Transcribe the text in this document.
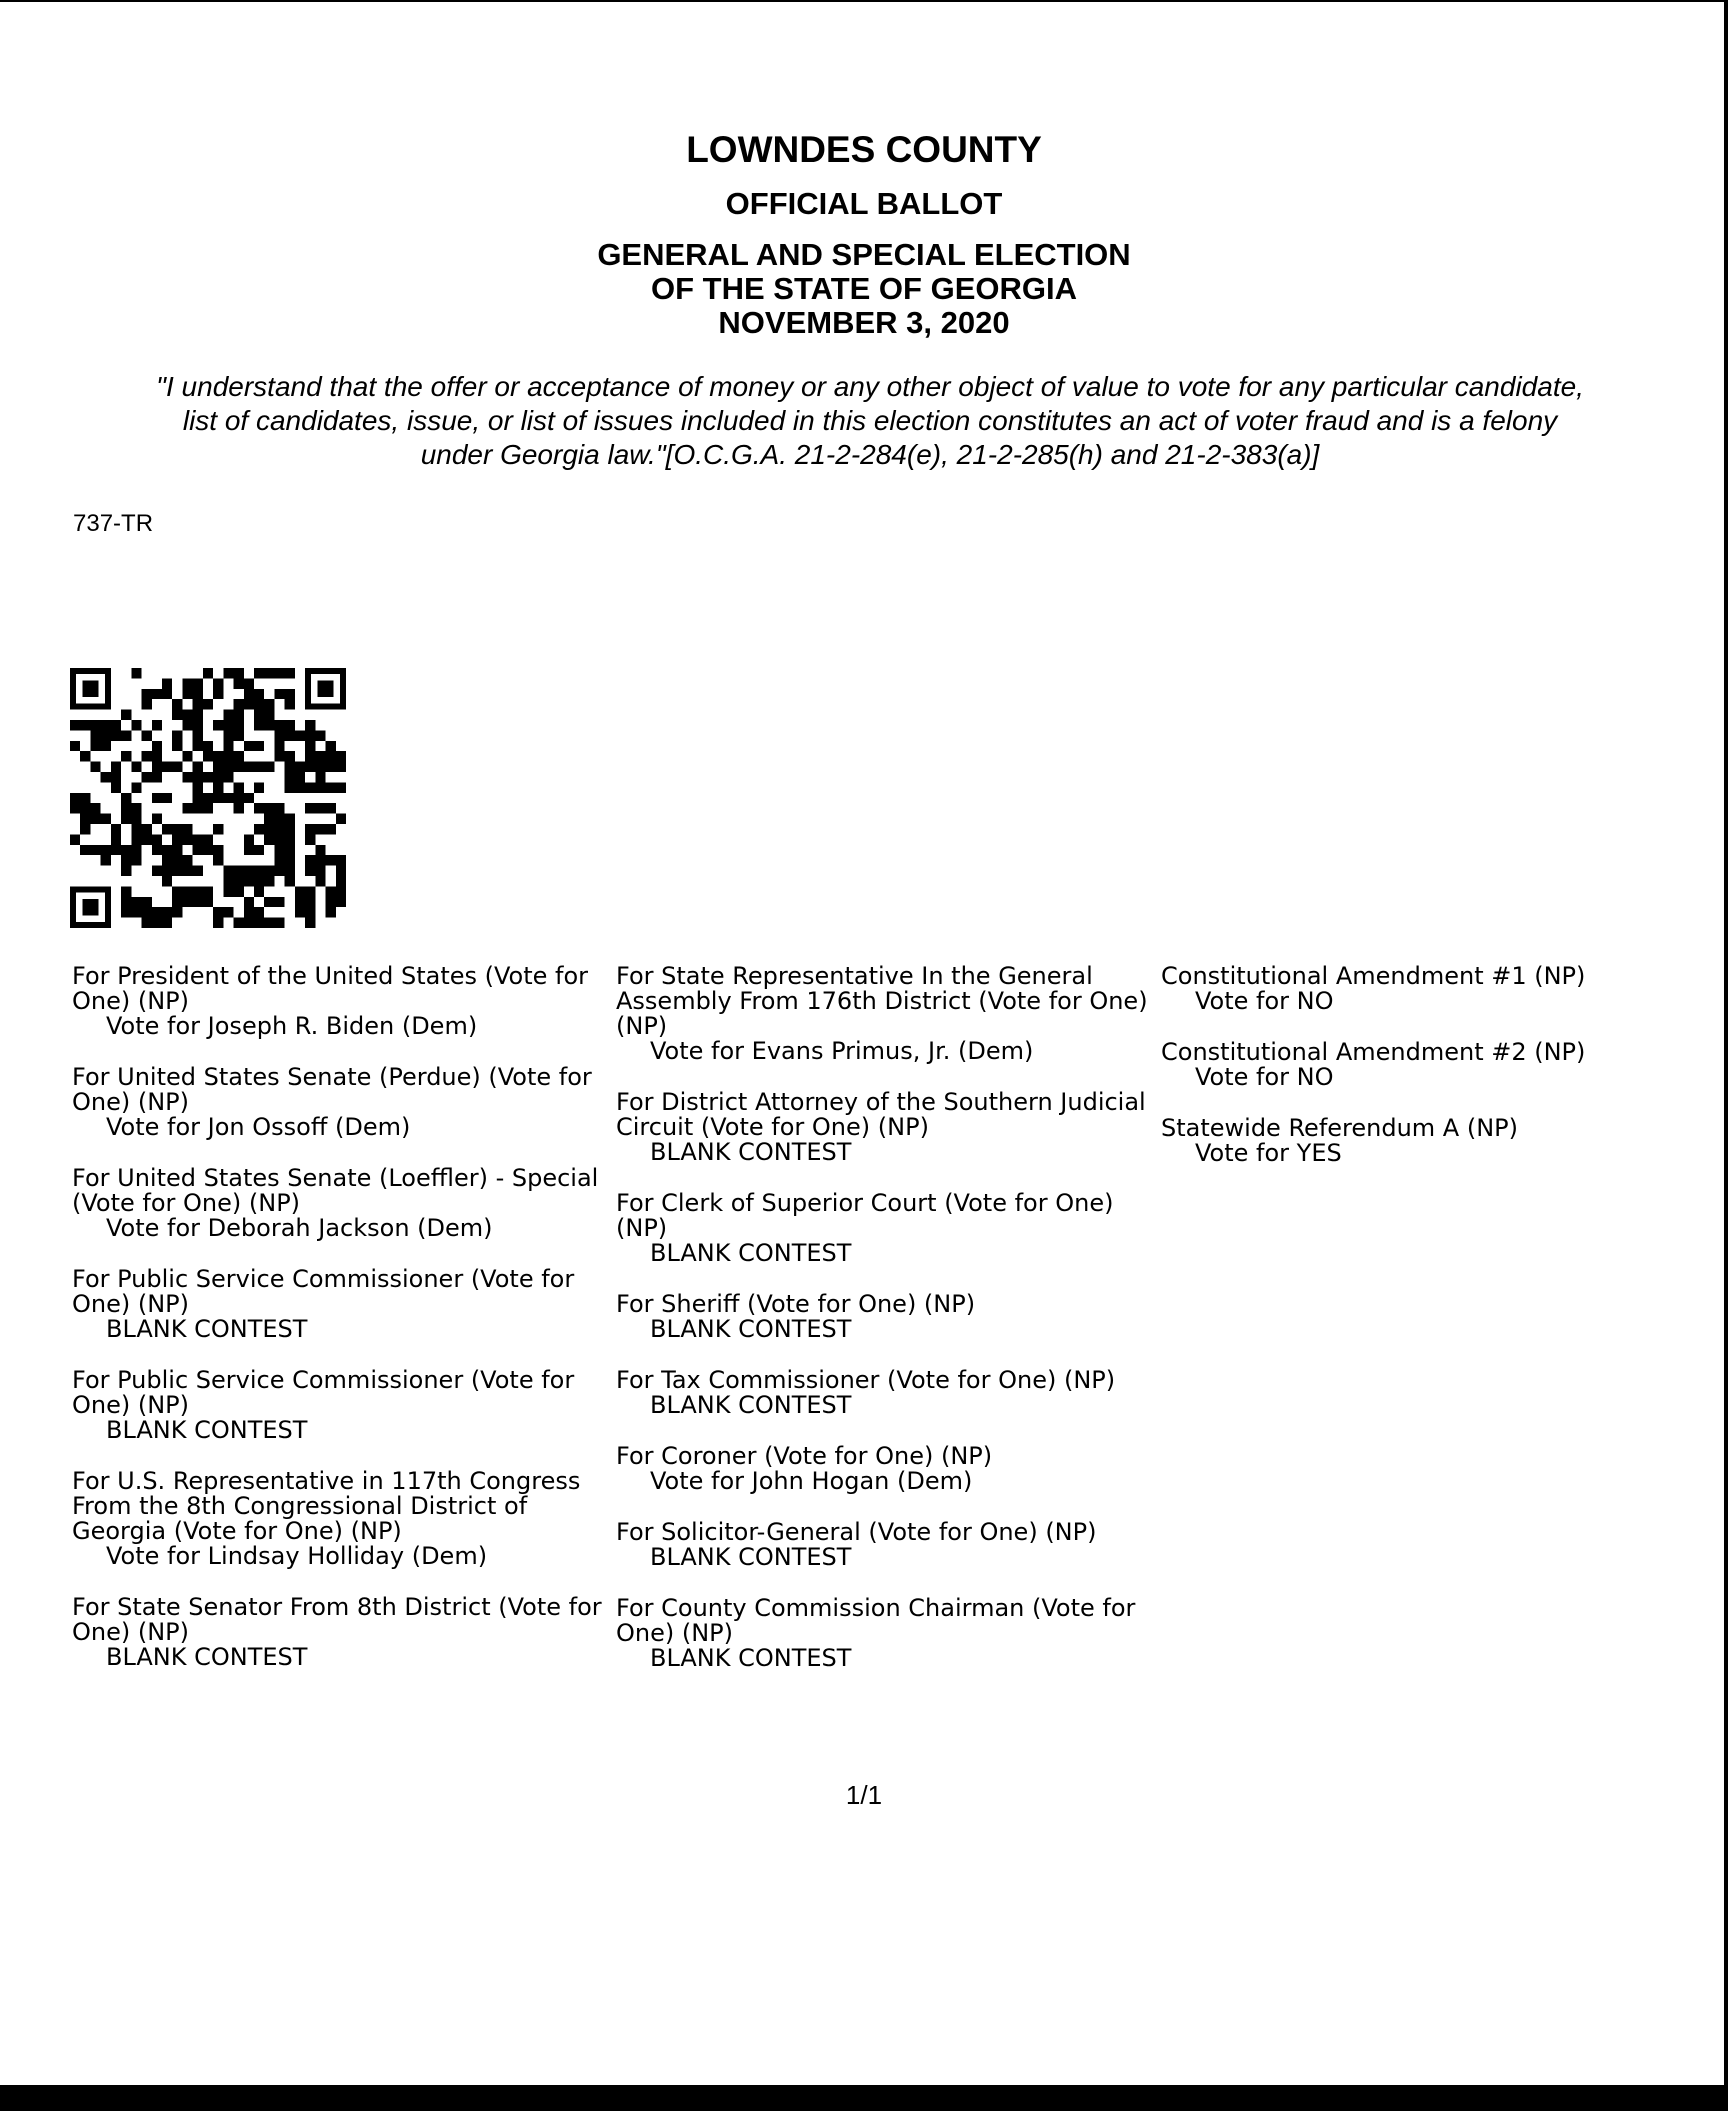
LOWNDES COUNTY
OFFICIAL BALLOT
GENERAL AND SPECIAL ELECTION
OF THE STATE OF GEORGIA
NOVEMBER 3, 2020
"I understand that the offer or acceptance of money or any other object of value to vote for any particular candidate,
list of candidates, issue, or list of issues included in this election constitutes an act of voter fraud and is a felony
under Georgia law."[O.C.G.A. 21-2-284(e), 21-2-285(h) and 21-2-383(a)]
737-TR
For President of the United States (Vote for One) (NP)
Vote for Joseph R. Biden (Dem)
For United States Senate (Perdue) (Vote for One) (NP)
Vote for Jon Ossoff (Dem)
For United States Senate (Loeffler) - Special (Vote for One) (NP)
Vote for Deborah Jackson (Dem)
For Public Service Commissioner (Vote for One) (NP)
BLANK CONTEST
For Public Service Commissioner (Vote for One) (NP)
BLANK CONTEST
For U.S. Representative in 117th Congress From the 8th Congressional District of Georgia (Vote for One) (NP)
Vote for Lindsay Holliday (Dem)
For State Senator From 8th District (Vote for One) (NP)
BLANK CONTEST
For State Representative In the General Assembly From 176th District (Vote for One) (NP)
Vote for Evans Primus, Jr. (Dem)
For District Attorney of the Southern Judicial Circuit (Vote for One) (NP)
BLANK CONTEST
For Clerk of Superior Court (Vote for One) (NP)
BLANK CONTEST
For Sheriff (Vote for One) (NP)
BLANK CONTEST
For Tax Commissioner (Vote for One) (NP)
BLANK CONTEST
For Coroner (Vote for One) (NP)
Vote for John Hogan (Dem)
For Solicitor-General (Vote for One) (NP)
BLANK CONTEST
For County Commission Chairman (Vote for One) (NP)
BLANK CONTEST
Constitutional Amendment #1 (NP)
Vote for NO
Constitutional Amendment #2 (NP)
Vote for NO
Statewide Referendum A (NP)
Vote for YES
1/1
